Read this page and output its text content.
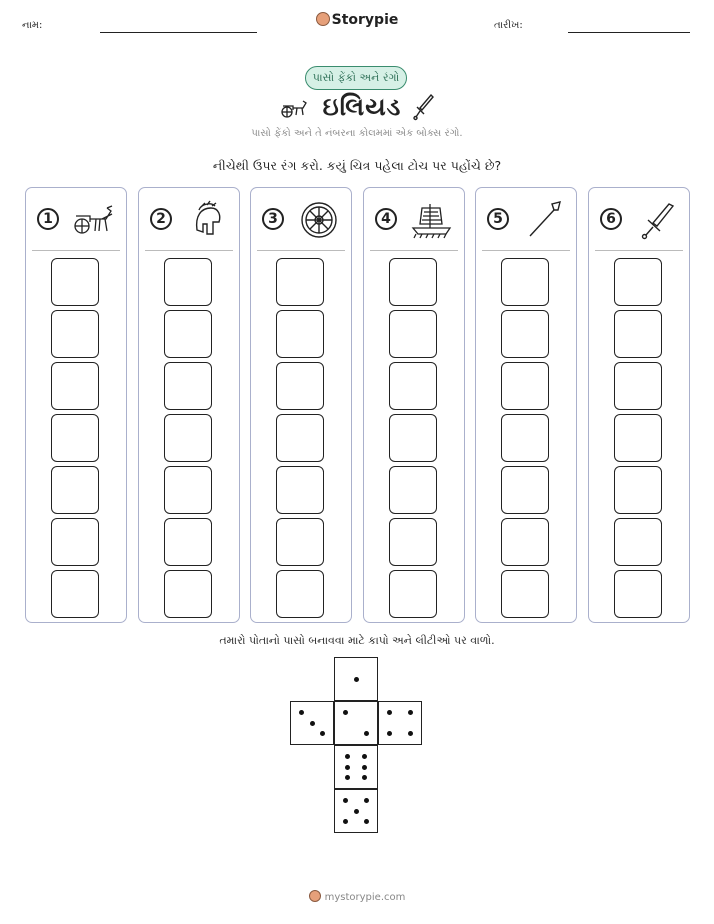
નામ:	Storypie	તારીખ:
પાસો ફેંકો અને રંગો
ઇલિયડ
પાસો ફેંકો અને તે નંબરના કોલમમાં એક બોક્સ રંગો.
નીચેથી ઉપર રંગ કરો. કયું ચિત્ર પહેલા ટોચ પર પહોંચે છે?
1	2	3	4	5	6
તમારો પોતાનો પાસો બનાવવા માટે કાપો અને લીટીઓ પર વાળો.
mystorypie.com
